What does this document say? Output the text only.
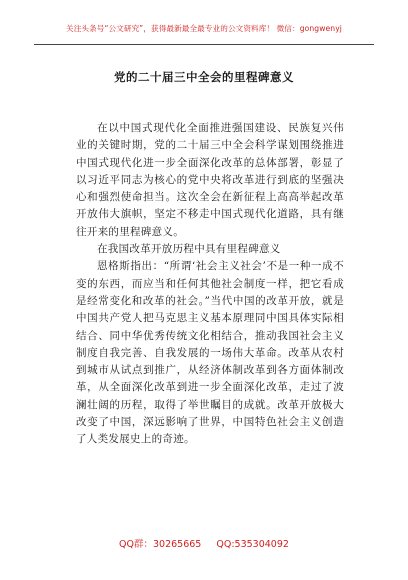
关注头条号“公文研究”，获得最新最全最专业的公文资料库！ 微信：gongwenyj
党的二十届三中全会的里程碑意义

在以中国式现代化全面推进强国建设、民族复兴伟业的关键时期，党的二十届三中全会科学谋划围绕推进中国式现代化进一步全面深化改革的总体部署，彰显了以习近平同志为核心的党中央将改革进行到底的坚强决心和强烈使命担当。这次全会在新征程上高高举起改革开放伟大旗帜，坚定不移走中国式现代化道路，具有继往开来的里程碑意义。

在我国改革开放历程中具有里程碑意义

恩格斯指出：“所谓‘社会主义社会’不是一种一成不变的东西，而应当和任何其他社会制度一样，把它看成是经常变化和改革的社会。”当代中国的改革开放，就是中国共产党人把马克思主义基本原理同中国具体实际相结合、同中华优秀传统文化相结合，推动我国社会主义制度自我完善、自我发展的一场伟大革命。改革从农村到城市从试点到推广，从经济体制改革到各方面体制改革，从全面深化改革到进一步全面深化改革，走过了波澜壮阔的历程，取得了举世瞩目的成就。改革开放极大改变了中国，深远影响了世界，中国特色社会主义创造了人类发展史上的奇迹。

QQ群：30265665 QQ:535304092
